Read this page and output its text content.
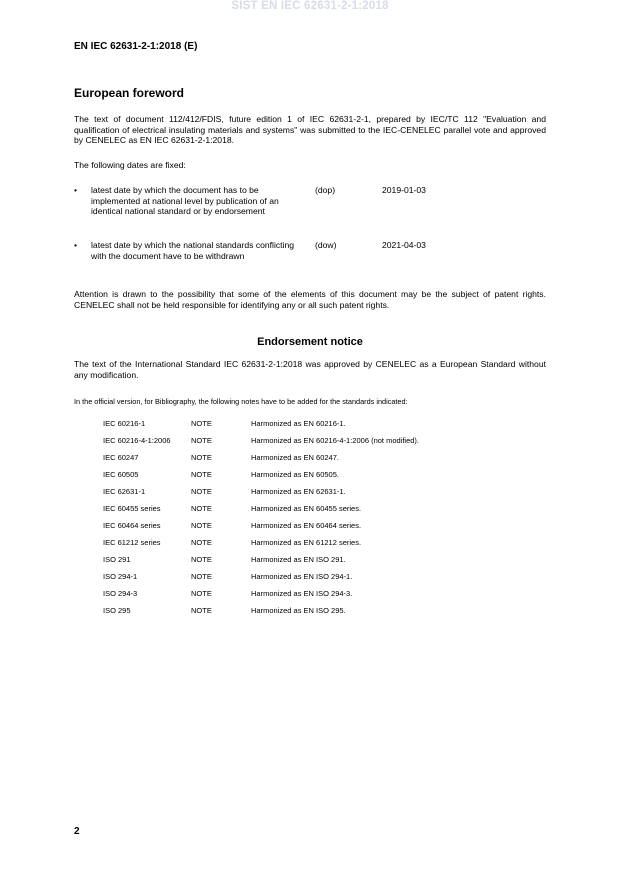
SIST EN IEC 62631-2-1:2018
EN IEC 62631-2-1:2018 (E)
European foreword
The text of document 112/412/FDIS, future edition 1 of IEC 62631-2-1, prepared by IEC/TC 112 "Evaluation and qualification of electrical insulating materials and systems" was submitted to the IEC-CENELEC parallel vote and approved by CENELEC as EN IEC 62631-2-1:2018.
The following dates are fixed:
• latest date by which the document has to be implemented at national level by publication of an identical national standard or by endorsement
(dop)	2019-01-03
• latest date by which the national standards conflicting with the document have to be withdrawn
(dow)	2021-04-03
Attention is drawn to the possibility that some of the elements of this document may be the subject of patent rights. CENELEC shall not be held responsible for identifying any or all such patent rights.
Endorsement notice
The text of the International Standard IEC 62631-2-1:2018 was approved by CENELEC as a European Standard without any modification.
In the official version, for Bibliography, the following notes have to be added for the standards indicated:
IEC 60216-1	NOTE	Harmonized as EN 60216-1.
IEC 60216-4-1:2006	NOTE	Harmonized as EN 60216-4-1:2006 (not modified).
IEC 60247	NOTE	Harmonized as EN 60247.
IEC 60505	NOTE	Harmonized as EN 60505.
IEC 62631-1	NOTE	Harmonized as EN 62631-1.
IEC 60455 series	NOTE	Harmonized as EN 60455 series.
IEC 60464 series	NOTE	Harmonized as EN 60464 series.
IEC 61212 series	NOTE	Harmonized as EN 61212 series.
ISO 291	NOTE	Harmonized as EN ISO 291.
ISO 294-1	NOTE	Harmonized as EN ISO 294-1.
ISO 294-3	NOTE	Harmonized as EN ISO 294-3.
ISO 295	NOTE	Harmonized as EN ISO 295.
2
